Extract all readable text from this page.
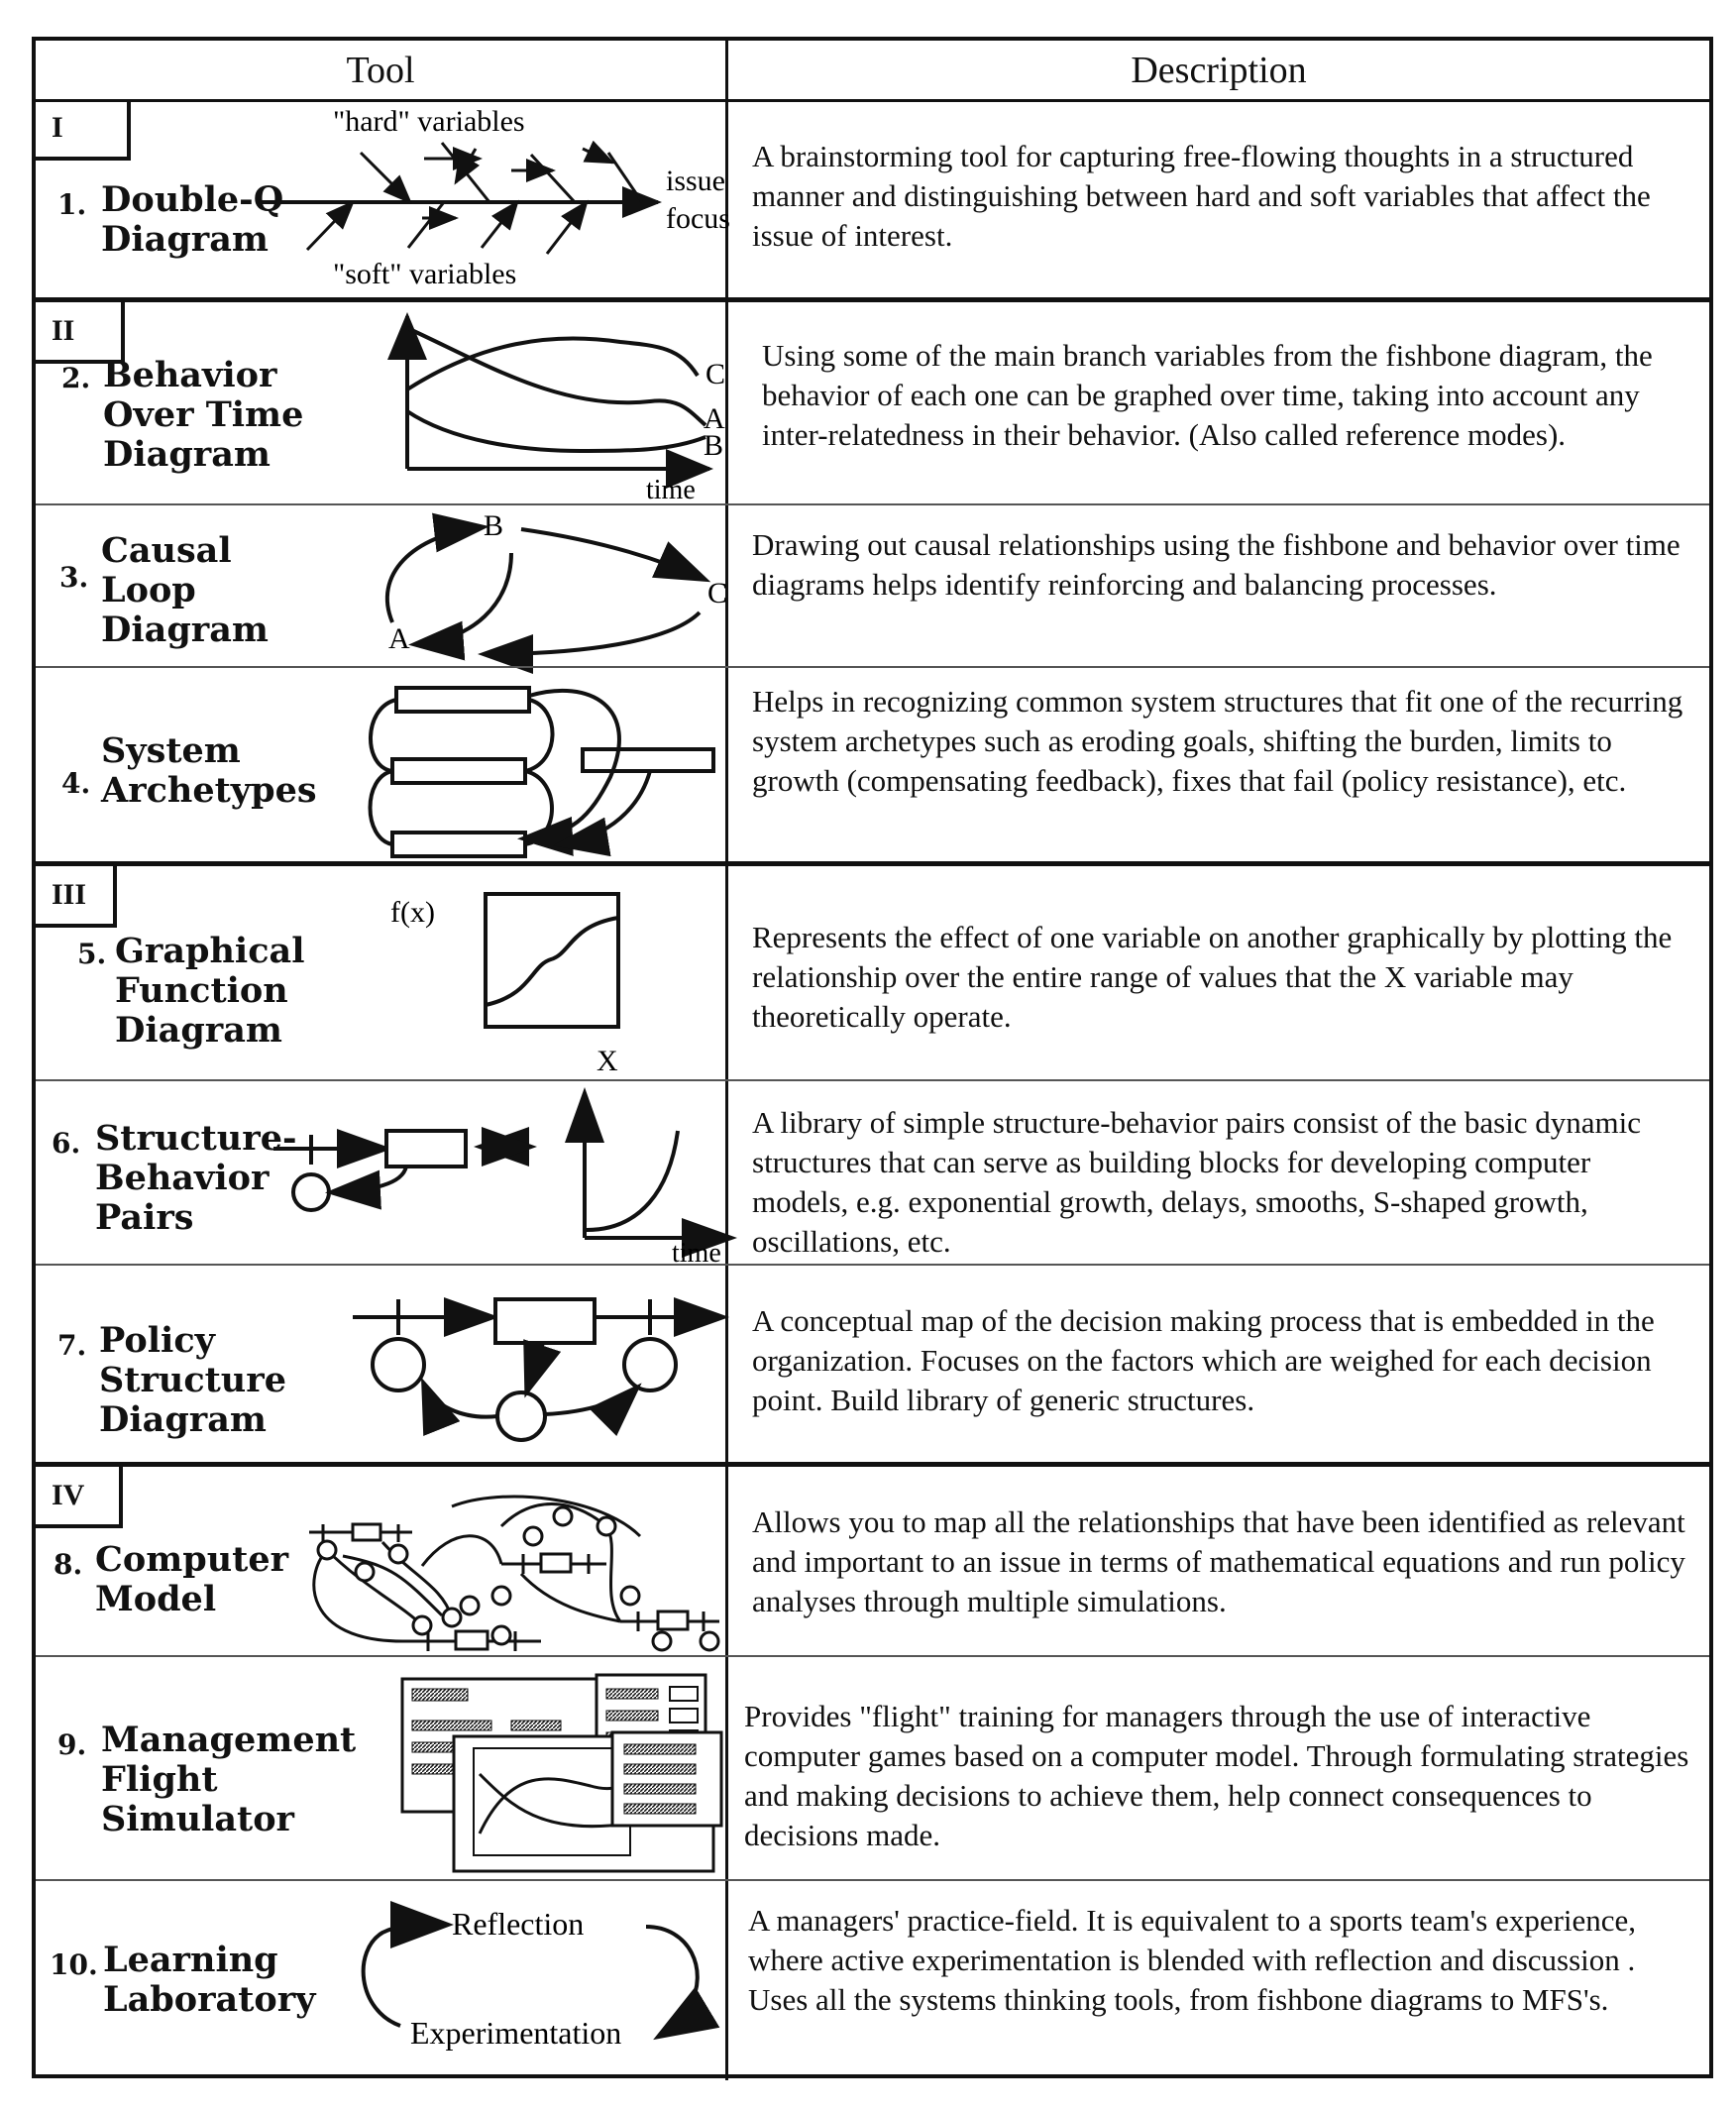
Tool	Description
I
1. Double-Q
Diagram
"hard" variables
"soft" variables
issue
focus
A brainstorming tool for capturing free-flowing thoughts in a structured manner and distinguishing between hard and soft variables that affect the issue of interest.
II
2. Behavior
Over Time
Diagram
C
A
B
time
Using some of the main branch variables from the fishbone diagram, the behavior of each one can be graphed over time, taking into account any inter-relatedness in their behavior. (Also called reference modes).
3.
Causal
Loop
Diagram
B
A
C
Drawing out causal relationships using the fishbone and behavior over time diagrams helps identify reinforcing and balancing processes.
4.
System
Archetypes
Helps in recognizing common system structures that fit one of the recurring system archetypes such as eroding goals, shifting the burden, limits to growth (compensating feedback), fixes that fail (policy resistance), etc.
III
5. Graphical
Function
Diagram
f(x)
X
Represents the effect of one variable on another graphically by plotting the relationship over the entire range of values that the X variable may theoretically operate.
6. Structure-
Behavior
Pairs
time
A library of simple structure-behavior pairs consist of the basic dynamic structures that can serve as building blocks for developing computer models, e.g. exponential growth, delays, smooths, S-shaped growth, oscillations, etc.
7. Policy
Structure
Diagram
A conceptual map of the decision making process that is embedded in the organization. Focuses on the factors which are weighed for each decision point. Build library of generic structures.
IV
8. Computer
Model
Allows you to map all the relationships that have been identified as relevant and important to an issue in terms of mathematical equations and run policy analyses through multiple simulations.
9. Management
Flight
Simulator
Provides "flight" training for managers through the use of interactive computer games based on a computer model. Through formulating strategies and making decisions to achieve them, help connect consequences to decisions made.
10. Learning
Laboratory
Reflection
Experimentation
A managers' practice-field. It is equivalent to a sports team's experience, where active experimentation is blended with reflection and discussion . Uses all the systems thinking tools, from fishbone diagrams to MFS's.
